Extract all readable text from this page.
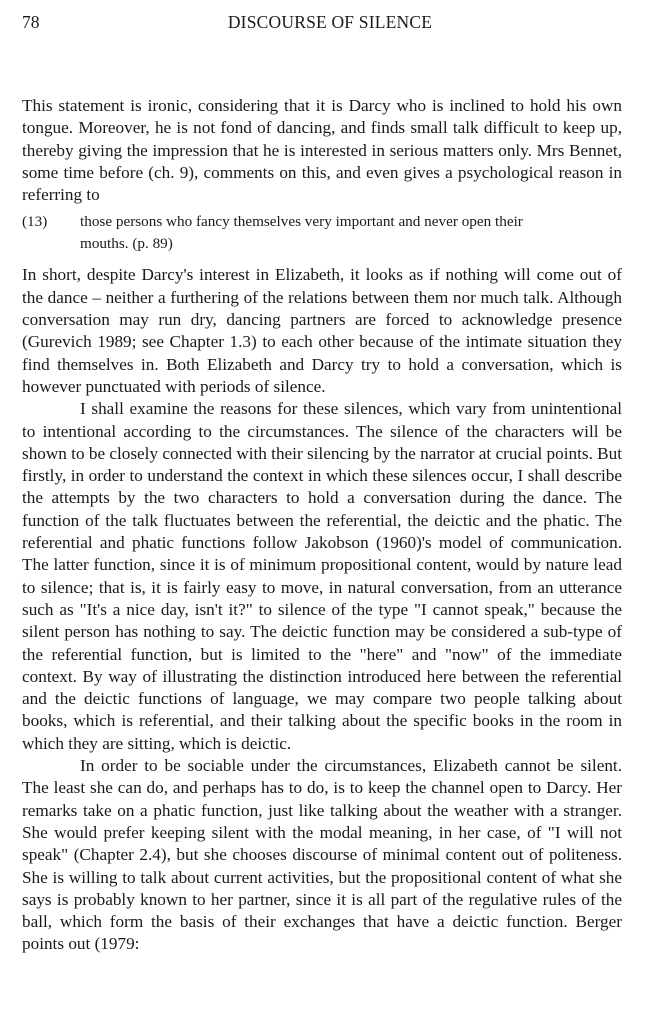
78	DISCOURSE OF SILENCE

This statement is ironic, considering that it is Darcy who is inclined to hold his own tongue. Moreover, he is not fond of dancing, and finds small talk difficult to keep up, thereby giving the impression that he is interested in serious matters only. Mrs Bennet, some time before (ch. 9), comments on this, and even gives a psychological reason in referring to

(13)	those persons who fancy themselves very important and never open their mouths. (p. 89)

In short, despite Darcy's interest in Elizabeth, it looks as if nothing will come out of the dance – neither a furthering of the relations between them nor much talk. Although conversation may run dry, dancing partners are forced to acknowledge presence (Gurevich 1989; see Chapter 1.3) to each other because of the intimate situation they find themselves in. Both Elizabeth and Darcy try to hold a conversation, which is however punctuated with periods of silence.

I shall examine the reasons for these silences, which vary from unintentional to intentional according to the circumstances. The silence of the characters will be shown to be closely connected with their silencing by the narrator at crucial points. But firstly, in order to understand the context in which these silences occur, I shall describe the attempts by the two characters to hold a conversation during the dance. The function of the talk fluctuates between the referential, the deictic and the phatic. The referential and phatic functions follow Jakobson (1960)'s model of communication. The latter function, since it is of minimum propositional content, would by nature lead to silence; that is, it is fairly easy to move, in natural conversation, from an utterance such as "It's a nice day, isn't it?" to silence of the type "I cannot speak," because the silent person has nothing to say. The deictic function may be considered a sub-type of the referential function, but is limited to the "here" and "now" of the immediate context. By way of illustrating the distinction introduced here between the referential and the deictic functions of language, we may compare two people talking about books, which is referential, and their talking about the specific books in the room in which they are sitting, which is deictic.

In order to be sociable under the circumstances, Elizabeth cannot be silent. The least she can do, and perhaps has to do, is to keep the channel open to Darcy. Her remarks take on a phatic function, just like talking about the weather with a stranger. She would prefer keeping silent with the modal meaning, in her case, of "I will not speak" (Chapter 2.4), but she chooses discourse of minimal content out of politeness. She is willing to talk about current activities, but the propositional content of what she says is probably known to her partner, since it is all part of the regulative rules of the ball, which form the basis of their exchanges that have a deictic function. Berger points out (1979:
